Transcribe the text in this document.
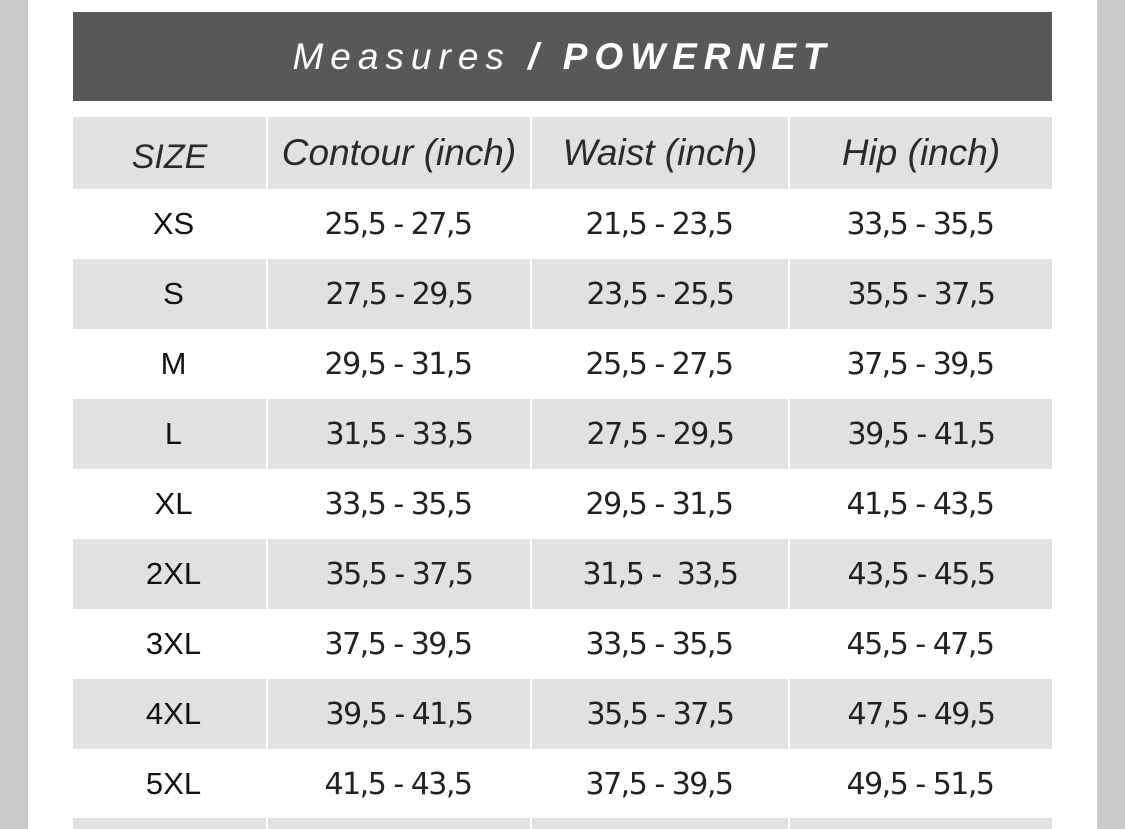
Measures / POWERNET
SIZE	Contour (inch)	Waist (inch)	Hip (inch)
XS	25,5 - 27,5	21,5 - 23,5	33,5 - 35,5
S	27,5 - 29,5	23,5 - 25,5	35,5 - 37,5
M	29,5 - 31,5	25,5 - 27,5	37,5 - 39,5
L	31,5 - 33,5	27,5 - 29,5	39,5 - 41,5
XL	33,5 - 35,5	29,5 - 31,5	41,5 - 43,5
2XL	35,5 - 37,5	31,5 -  33,5	43,5 - 45,5
3XL	37,5 - 39,5	33,5 - 35,5	45,5 - 47,5
4XL	39,5 - 41,5	35,5 - 37,5	47,5 - 49,5
5XL	41,5 - 43,5	37,5 - 39,5	49,5 - 51,5
